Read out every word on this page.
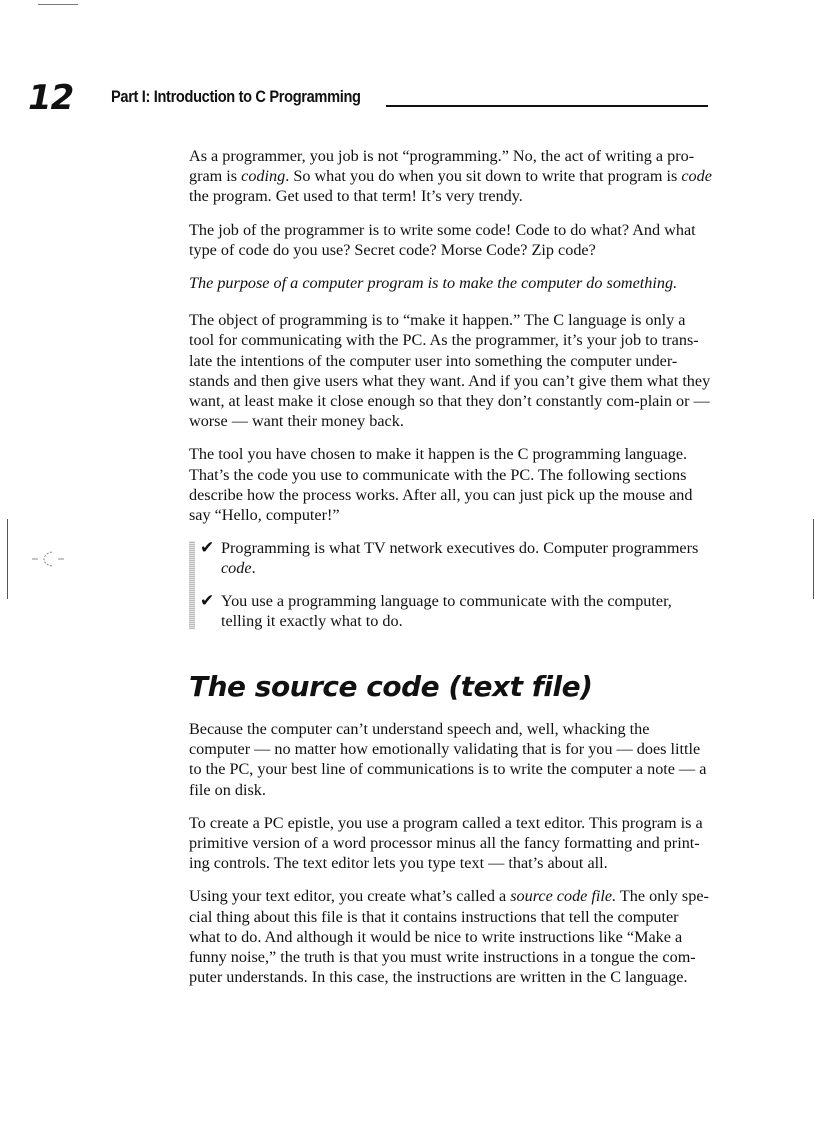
12 Part I: Introduction to C Programming

As a programmer, you job is not “programming.” No, the act of writing a pro-gram is coding. So what you do when you sit down to write that program is code the program. Get used to that term! It’s very trendy.

The job of the programmer is to write some code! Code to do what? And what type of code do you use? Secret code? Morse Code? Zip code?

The purpose of a computer program is to make the computer do something.

The object of programming is to “make it happen.” The C language is only a tool for communicating with the PC. As the programmer, it’s your job to trans-late the intentions of the computer user into something the computer under-stands and then give users what they want. And if you can’t give them what they want, at least make it close enough so that they don’t constantly com-plain or — worse — want their money back.

The tool you have chosen to make it happen is the C programming language. That’s the code you use to communicate with the PC. The following sections describe how the process works. After all, you can just pick up the mouse and say “Hello, computer!”

✔ Programming is what TV network executives do. Computer programmers code.
✔ You use a programming language to communicate with the computer, telling it exactly what to do.
The source code (text file)

Because the computer can’t understand speech and, well, whacking the computer — no matter how emotionally validating that is for you — does little to the PC, your best line of communications is to write the computer a note — a file on disk.

To create a PC epistle, you use a program called a text editor. This program is a primitive version of a word processor minus all the fancy formatting and print-ing controls. The text editor lets you type text — that’s about all.

Using your text editor, you create what’s called a source code file. The only spe-cial thing about this file is that it contains instructions that tell the computer what to do. And although it would be nice to write instructions like “Make a funny noise,” the truth is that you must write instructions in a tongue the com-puter understands. In this case, the instructions are written in the C language.
